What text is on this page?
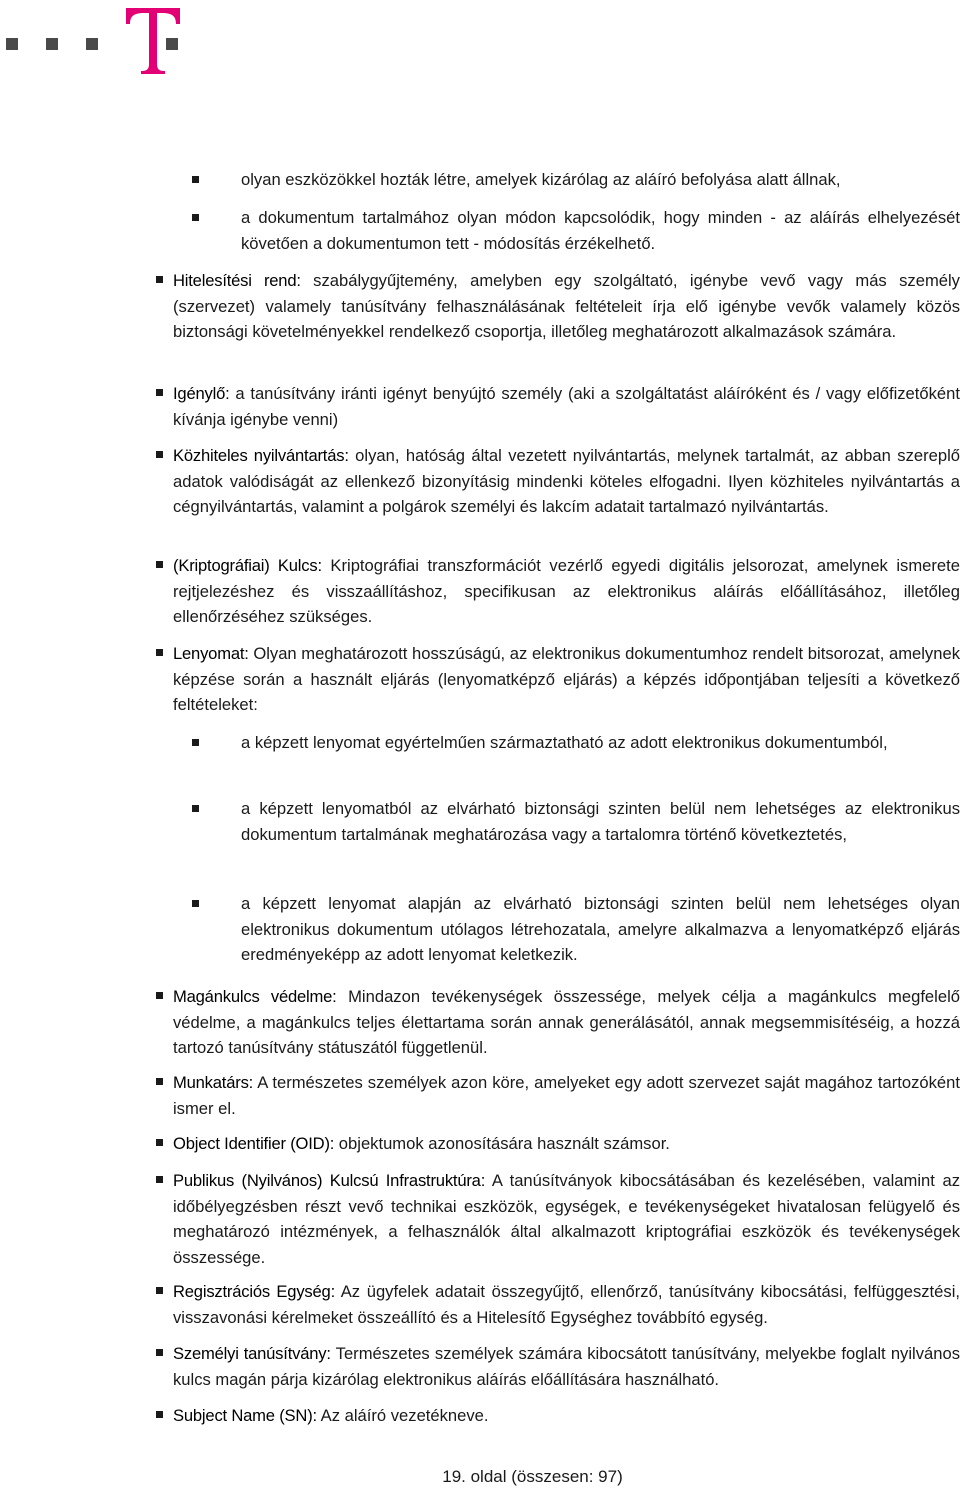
olyan eszközökkel hozták létre, amelyek kizárólag az aláíró befolyása alatt állnak,
a dokumentum tartalmához olyan módon kapcsolódik, hogy minden - az aláírás elhelyezését követően a dokumentumon tett - módosítás érzékelhető.
Hitelesítési rend: szabálygyűjtemény, amelyben egy szolgáltató, igénybe vevő vagy más személy (szervezet) valamely tanúsítvány felhasználásának feltételeit írja elő igénybe vevők valamely közös biztonsági követelményekkel rendelkező csoportja, illetőleg meghatározott alkalmazások számára.
Igénylő: a tanúsítvány iránti igényt benyújtó személy (aki a szolgáltatást aláíróként és / vagy előfizetőként kívánja igénybe venni)
Közhiteles nyilvántartás: olyan, hatóság által vezetett nyilvántartás, melynek tartalmát, az abban szereplő adatok valódiságát az ellenkező bizonyításig mindenki köteles elfogadni. Ilyen közhiteles nyilvántartás a cégnyilvántartás, valamint a polgárok személyi és lakcím adatait tartalmazó nyilvántartás.
(Kriptográfiai) Kulcs: Kriptográfiai transzformációt vezérlő egyedi digitális jelsorozat, amelynek ismerete rejtjelezéshez és visszaállításhoz, specifikusan az elektronikus aláírás előállításához, illetőleg ellenőrzéséhez szükséges.
Lenyomat: Olyan meghatározott hosszúságú, az elektronikus dokumentumhoz rendelt bitsorozat, amelynek képzése során a használt eljárás (lenyomatképző eljárás) a képzés időpontjában teljesíti a következő feltételeket:
a képzett lenyomat egyértelműen származtatható az adott elektronikus dokumentumból,
a képzett lenyomatból az elvárható biztonsági szinten belül nem lehetséges az elektronikus dokumentum tartalmának meghatározása vagy a tartalomra történő következtetés,
a képzett lenyomat alapján az elvárható biztonsági szinten belül nem lehetséges olyan elektronikus dokumentum utólagos létrehozatala, amelyre alkalmazva a lenyomatképző eljárás eredményeképp az adott lenyomat keletkezik.
Magánkulcs védelme: Mindazon tevékenységek összessége, melyek célja a magánkulcs megfelelő védelme, a magánkulcs teljes élettartama során annak generálásától, annak megsemmisítéséig, a hozzá tartozó tanúsítvány státuszától függetlenül.
Munkatárs: A természetes személyek azon köre, amelyeket egy adott szervezet saját magához tartozóként ismer el.
Object Identifier (OID): objektumok azonosítására használt számsor.
Publikus (Nyilvános) Kulcsú Infrastruktúra: A tanúsítványok kibocsátásában és kezelésében, valamint az időbélyegzésben részt vevő technikai eszközök, egységek, e tevékenységeket hivatalosan felügyelő és meghatározó intézmények, a felhasználók által alkalmazott kriptográfiai eszközök és tevékenységek összessége.
Regisztrációs Egység: Az ügyfelek adatait összegyűjtő, ellenőrző, tanúsítvány kibocsátási, felfüggesztési, visszavonási kérelmeket összeállító és a Hitelesítő Egységhez továbbító egység.
Személyi tanúsítvány: Természetes személyek számára kibocsátott tanúsítvány, melyekbe foglalt nyilvános kulcs magán párja kizárólag elektronikus aláírás előállítására használható.
Subject Name (SN): Az aláíró vezetékneve.
19. oldal (összesen: 97)
